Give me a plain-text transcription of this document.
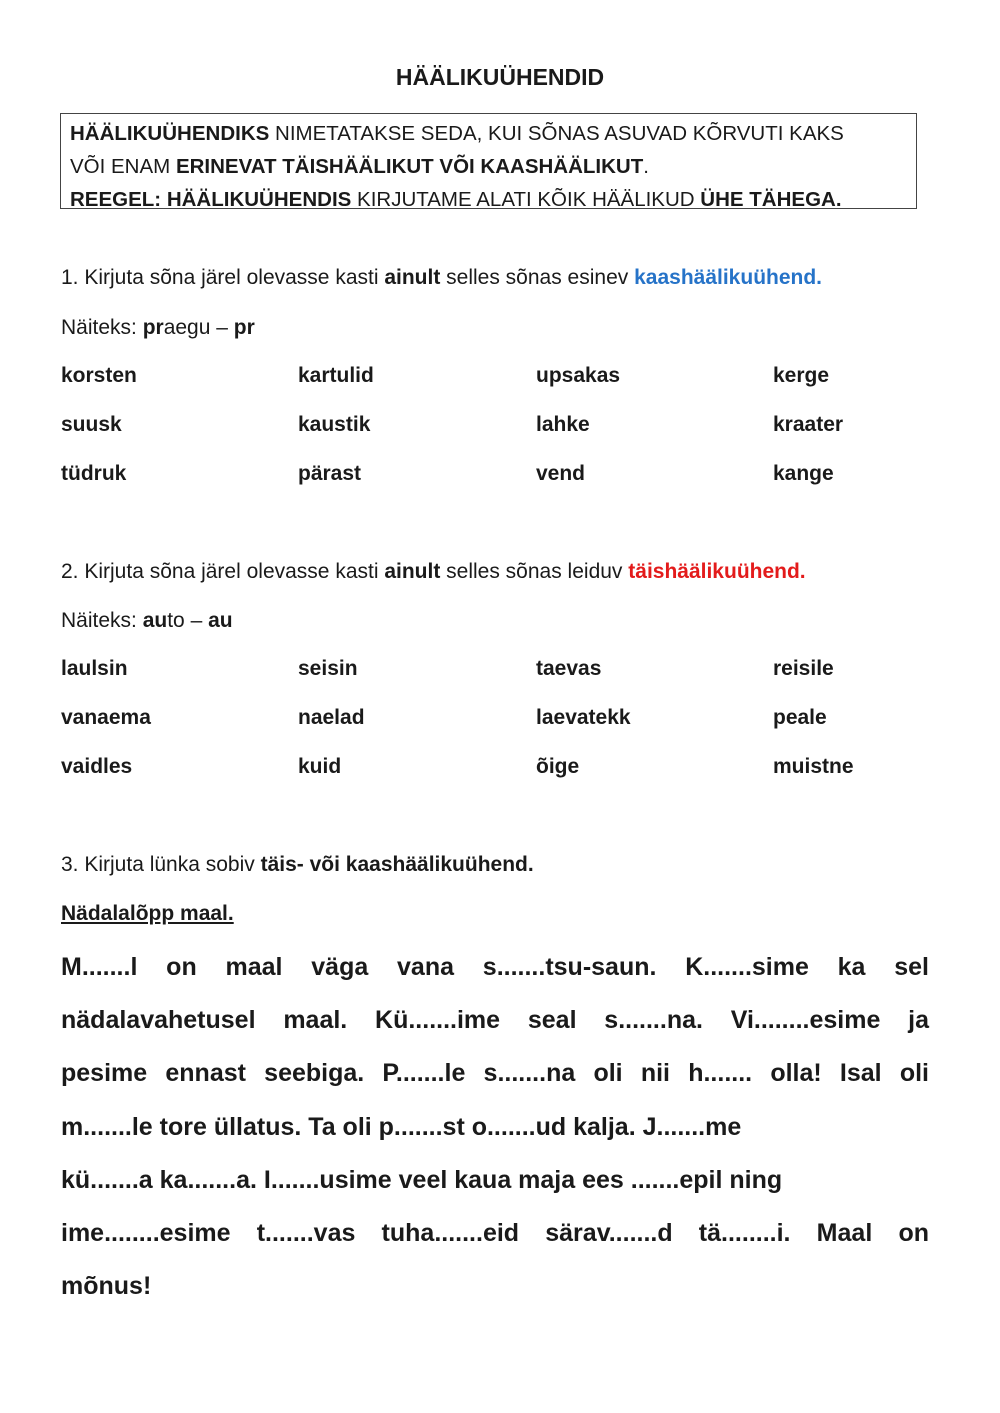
HÄÄLIKUÜHENDID
HÄÄLIKUÜHENDIKS NIMETATAKSE SEDA, KUI SÕNAS ASUVAD KÕRVUTI KAKS
VÕI ENAM ERINEVAT TÄISHÄÄLIKUT VÕI KAASHÄÄLIKUT.
REEGEL: HÄÄLIKUÜHENDIS KIRJUTAME ALATI KÕIK HÄÄLIKUD ÜHE TÄHEGA.
1. Kirjuta sõna järel olevasse kasti ainult selles sõnas esinev kaashäälikuühend.
Näiteks: praegu – pr
korsten	kartulid	upsakas	kerge
suusk	kaustik	lahke	kraater
tüdruk	pärast	vend	kange
2. Kirjuta sõna järel olevasse kasti ainult selles sõnas leiduv täishäälikuühend.
Näiteks: auto – au
laulsin	seisin	taevas	reisile
vanaema	naelad	laevatekk	peale
vaidles	kuid	õige	muistne
3. Kirjuta lünka sobiv täis- või kaashäälikuühend.
Nädalalõpp maal.
M.......l on maal väga vana s.......tsu-saun. K.......sime ka sel
nädalavahetusel maal. Kü.......ime seal s.......na. Vi........esime ja
pesime ennast seebiga. P.......le s.......na oli nii h....... olla! Isal oli
m.......le tore üllatus. Ta oli p.......st o.......ud kalja. J.......me
kü.......a ka.......a. I.......usime veel kaua maja ees .......epil ning
ime........esime t.......vas tuha.......eid särav.......d tä........i. Maal on
mõnus!
